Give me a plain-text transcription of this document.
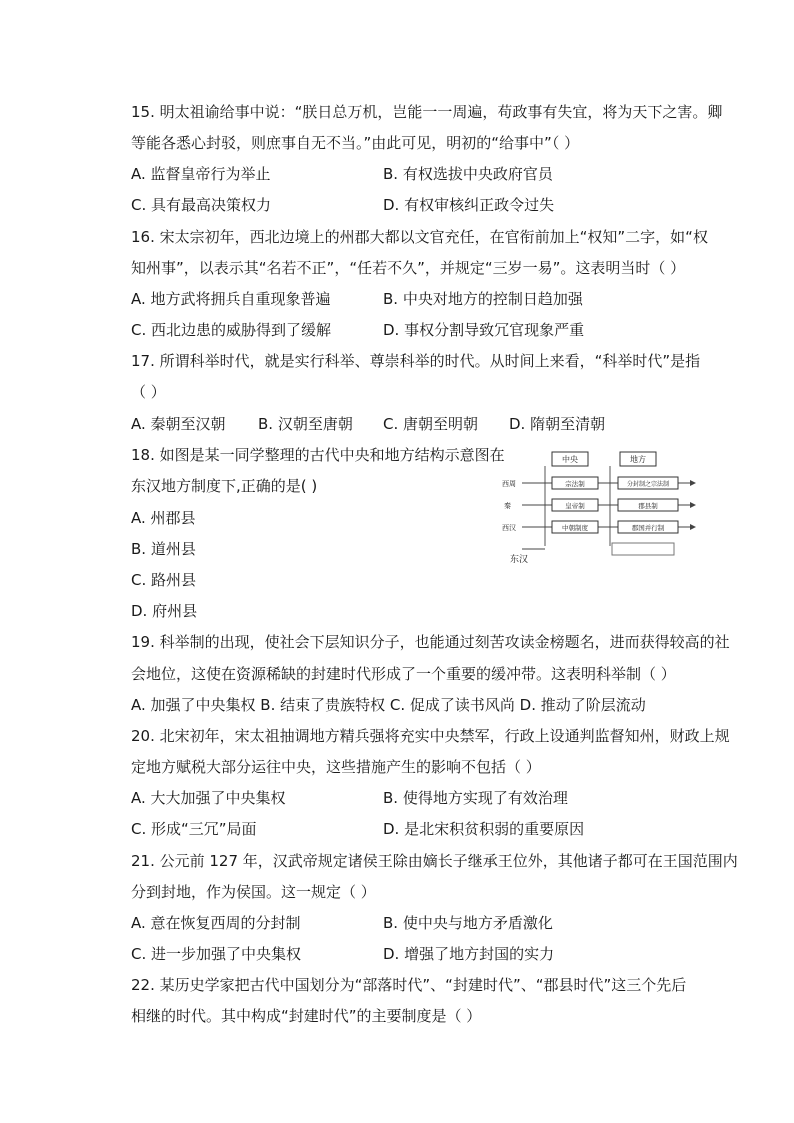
15. 明太祖谕给事中说：“朕日总万机，岂能一一周遍，苟政事有失宜，将为天下之害。卿
等能各悉心封驳，则庶事自无不当。”由此可见，明初的“给事中”（ ）
A. 监督皇帝行为举止	B. 有权选拔中央政府官员
C. 具有最高决策权力	D. 有权审核纠正政令过失
16. 宋太宗初年，西北边境上的州郡大都以文官充任，在官衔前加上“权知”二字，如“权
知州事”，以表示其“名若不正”，“任若不久”，并规定“三岁一易”。这表明当时（ ）
A. 地方武将拥兵自重现象普遍	B. 中央对地方的控制日趋加强
C. 西北边患的威胁得到了缓解	D. 事权分割导致冗官现象严重
17. 所谓科举时代，就是实行科举、尊崇科举的时代。从时间上来看，“科举时代”是指
（ ）
A. 秦朝至汉朝 B. 汉朝至唐朝 C. 唐朝至明朝 D. 隋朝至清朝
18. 如图是某一同学整理的古代中央和地方结构示意图在
东汉地方制度下,正确的是( )
A. 州郡县
B. 道州县
C. 路州县
D. 府州县
中央	地方
西周	宗法制	分封制之宗法制
秦	皇帝制	郡县制
西汉	中朝制度	郡国并行制
东汉
19. 科举制的出现，使社会下层知识分子，也能通过刻苦攻读金榜题名，进而获得较高的社
会地位，这使在资源稀缺的封建时代形成了一个重要的缓冲带。这表明科举制（ ）
A. 加强了中央集权 B. 结束了贵族特权 C. 促成了读书风尚 D. 推动了阶层流动
20. 北宋初年，宋太祖抽调地方精兵强将充实中央禁军，行政上设通判监督知州，财政上规
定地方赋税大部分运往中央，这些措施产生的影响不包括（ ）
A. 大大加强了中央集权	B. 使得地方实现了有效治理
C. 形成“三冗”局面	D. 是北宋积贫积弱的重要原因
21. 公元前 127 年，汉武帝规定诸侯王除由嫡长子继承王位外，其他诸子都可在王国范围内
分到封地，作为侯国。这一规定（ ）
A. 意在恢复西周的分封制	B. 使中央与地方矛盾激化
C. 进一步加强了中央集权	D. 增强了地方封国的实力
22. 某历史学家把古代中国划分为“部落时代”、“封建时代”、“郡县时代”这三个先后
相继的时代。其中构成“封建时代”的主要制度是（ ）
